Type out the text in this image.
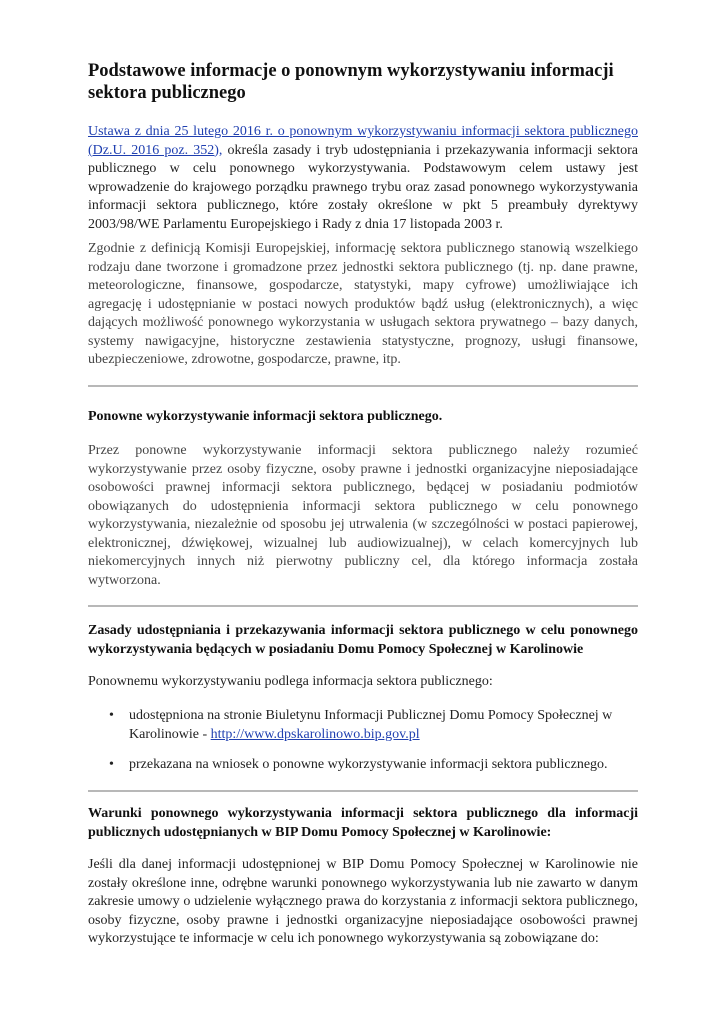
Podstawowe informacje o ponownym wykorzystywaniu informacji sektora publicznego

Ustawa z dnia 25 lutego 2016 r. o ponownym wykorzystywaniu informacji sektora publicznego (Dz.U. 2016 poz. 352), określa zasady i tryb udostępniania i przekazywania informacji sektora publicznego w celu ponownego wykorzystywania. Podstawowym celem ustawy jest wprowadzenie do krajowego porządku prawnego trybu oraz zasad ponownego wykorzystywania informacji sektora publicznego, które zostały określone w pkt 5 preambuły dyrektywy 2003/98/WE Parlamentu Europejskiego i Rady z dnia 17 listopada 2003 r.

Zgodnie z definicją Komisji Europejskiej, informację sektora publicznego stanowią wszelkiego rodzaju dane tworzone i gromadzone przez jednostki sektora publicznego (tj. np. dane prawne, meteorologiczne, finansowe, gospodarcze, statystyki, mapy cyfrowe) umożliwiające ich agregację i udostępnianie w postaci nowych produktów bądź usług (elektronicznych), a więc dających możliwość ponownego wykorzystania w usługach sektora prywatnego – bazy danych, systemy nawigacyjne, historyczne zestawienia statystyczne, prognozy, usługi finansowe, ubezpieczeniowe, zdrowotne, gospodarcze, prawne, itp.

Ponowne wykorzystywanie informacji sektora publicznego.

Przez ponowne wykorzystywanie informacji sektora publicznego należy rozumieć wykorzystywanie przez osoby fizyczne, osoby prawne i jednostki organizacyjne nieposiadające osobowości prawnej informacji sektora publicznego, będącej w posiadaniu podmiotów obowiązanych do udostępnienia informacji sektora publicznego w celu ponownego wykorzystywania, niezależnie od sposobu jej utrwalenia (w szczególności w postaci papierowej, elektronicznej, dźwiękowej, wizualnej lub audiowizualnej), w celach komercyjnych lub niekomercyjnych innych niż pierwotny publiczny cel, dla którego informacja została wytworzona.

Zasady udostępniania i przekazywania informacji sektora publicznego w celu ponownego wykorzystywania będących w posiadaniu Domu Pomocy Społecznej w Karolinowie

Ponownemu wykorzystywaniu podlega informacja sektora publicznego:

• udostępniona na stronie Biuletynu Informacji Publicznej Domu Pomocy Społecznej w Karolinowie - http://www.dpskarolinowo.bip.gov.pl
• przekazana na wniosek o ponowne wykorzystywanie informacji sektora publicznego.

Warunki ponownego wykorzystywania informacji sektora publicznego dla informacji publicznych udostępnianych w BIP Domu Pomocy Społecznej w Karolinowie:

Jeśli dla danej informacji udostępnionej w BIP Domu Pomocy Społecznej w Karolinowie nie zostały określone inne, odrębne warunki ponownego wykorzystywania lub nie zawarto w danym zakresie umowy o udzielenie wyłącznego prawa do korzystania z informacji sektora publicznego, osoby fizyczne, osoby prawne i jednostki organizacyjne nieposiadające osobowości prawnej wykorzystujące te informacje w celu ich ponownego wykorzystywania są zobowiązane do:
